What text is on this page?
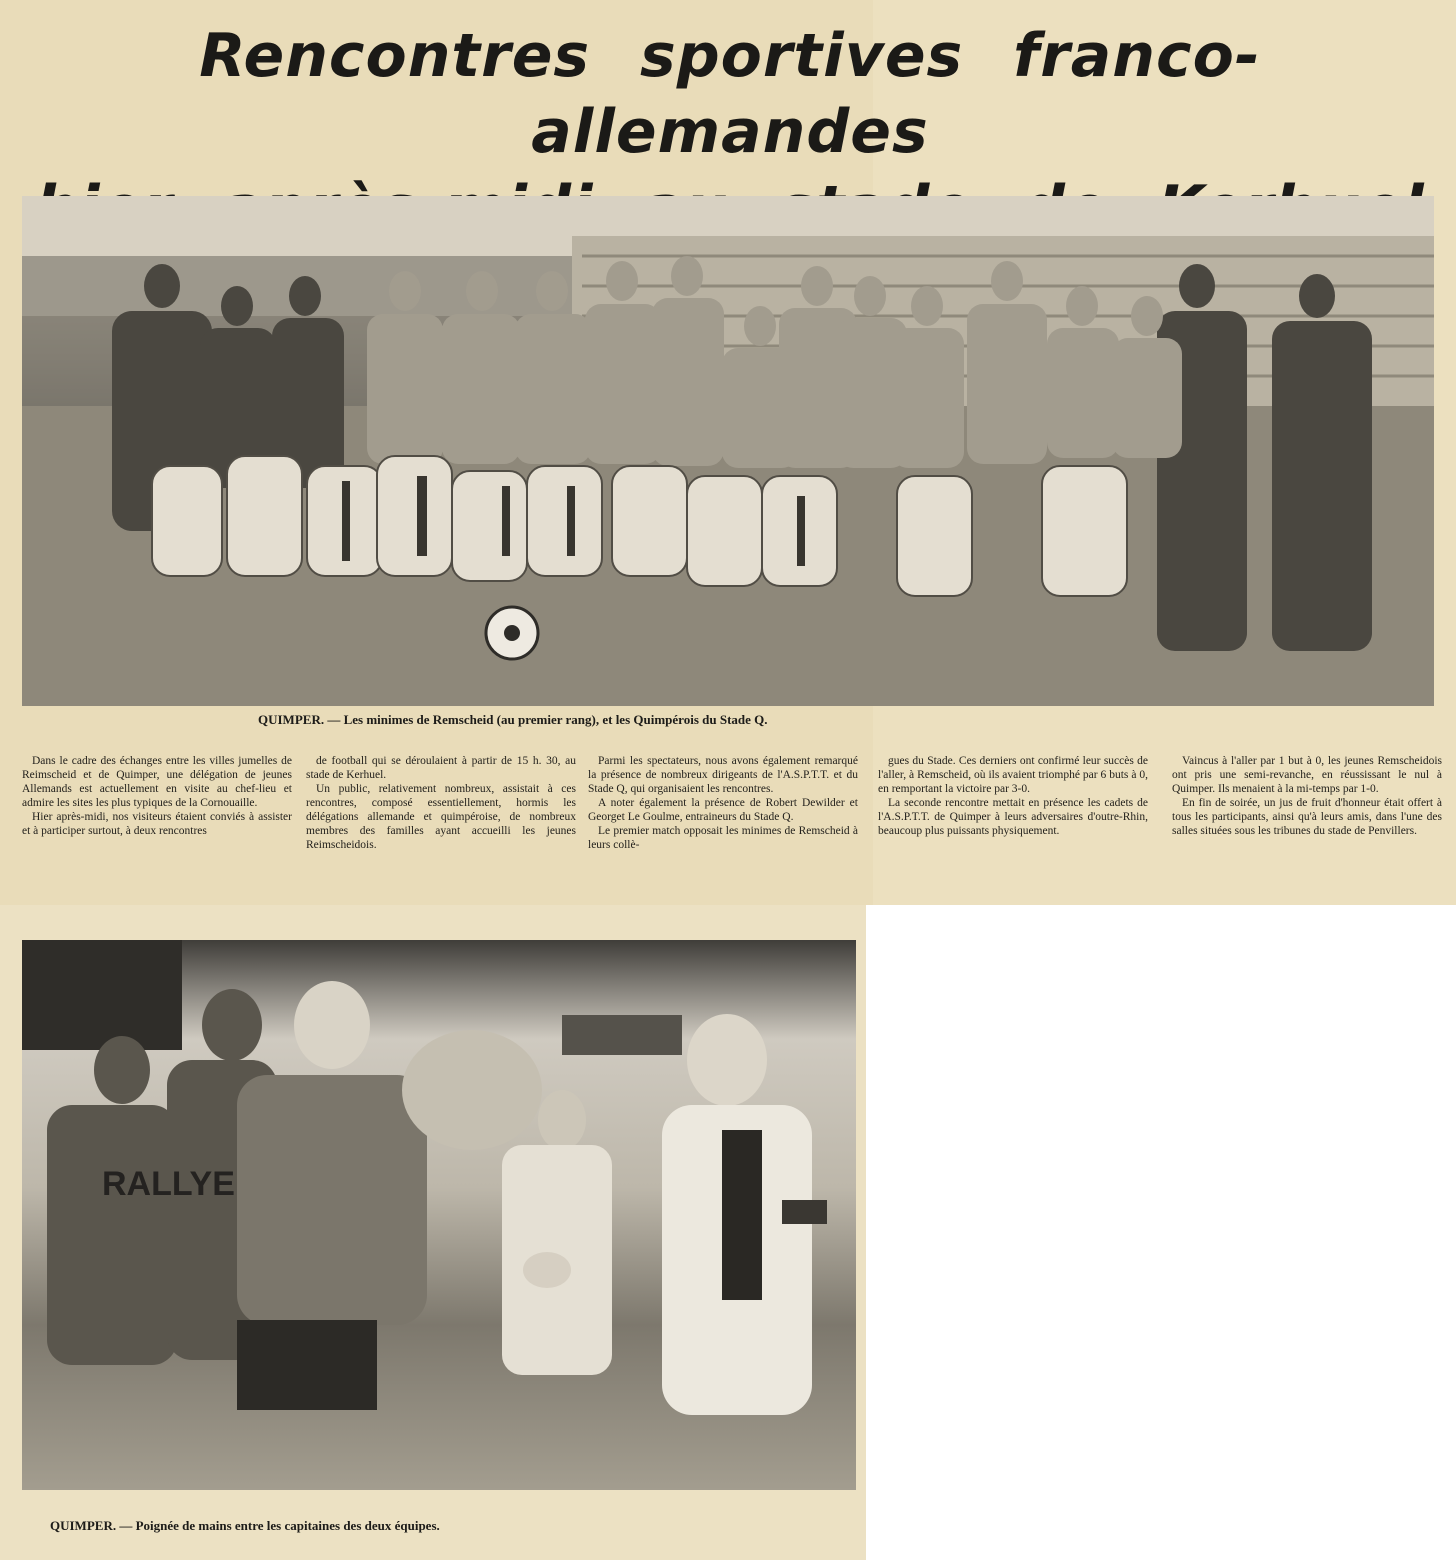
Rencontres sportives franco-allemandes
QUIMPER. — Les minimes de Remscheid (au premier rang), et les Quimpérois du Stade Q.

Dans le cadre des échanges entre les villes jumelles de Reimscheid et de Quimper, une délégation de jeunes Allemands est actuellement en visite au chef-lieu et admire les sites les plus typiques de la Cornouaille.

Hier après-midi, nos visiteurs étaient conviés à assister et à participer surtout, à deux rencontres

de football qui se déroulaient à partir de 15 h. 30, au stade de Kerhuel.

Un public, relativement nombreux, assistait à ces rencontres, composé essentiellement, hormis les délégations allemande et quimpéroise, de nombreux membres des familles ayant accueilli les jeunes Reimscheidois.

Parmi les spectateurs, nous avons également remarqué la présence de nombreux dirigeants de l'A.S.P.T.T. et du Stade Q, qui organisaient les rencontres.

A noter également la présence de Robert Dewilder et Georget Le Goulme, entraineurs du Stade Q.

Le premier match opposait les minimes de Remscheid à leurs collè-

gues du Stade. Ces derniers ont confirmé leur succès de l'aller, à Remscheid, où ils avaient triomphé par 6 buts à 0, en remportant la victoire par 3-0.

La seconde rencontre mettait en présence les cadets de l'A.S.P.T.T. de Quimper à leurs adversaires d'outre-Rhin, beaucoup plus puissants physiquement.

Vaincus à l'aller par 1 but à 0, les jeunes Remscheidois ont pris une semi-revanche, en réussissant le nul à Quimper. Ils menaient à la mi-temps par 1-0.

En fin de soirée, un jus de fruit d'honneur était offert à tous les participants, ainsi qu'à leurs amis, dans l'une des salles situées sous les tribunes du stade de Penvillers.

RALLYE
QUIMPER. — Poignée de mains entre les capitaines des deux équipes.
